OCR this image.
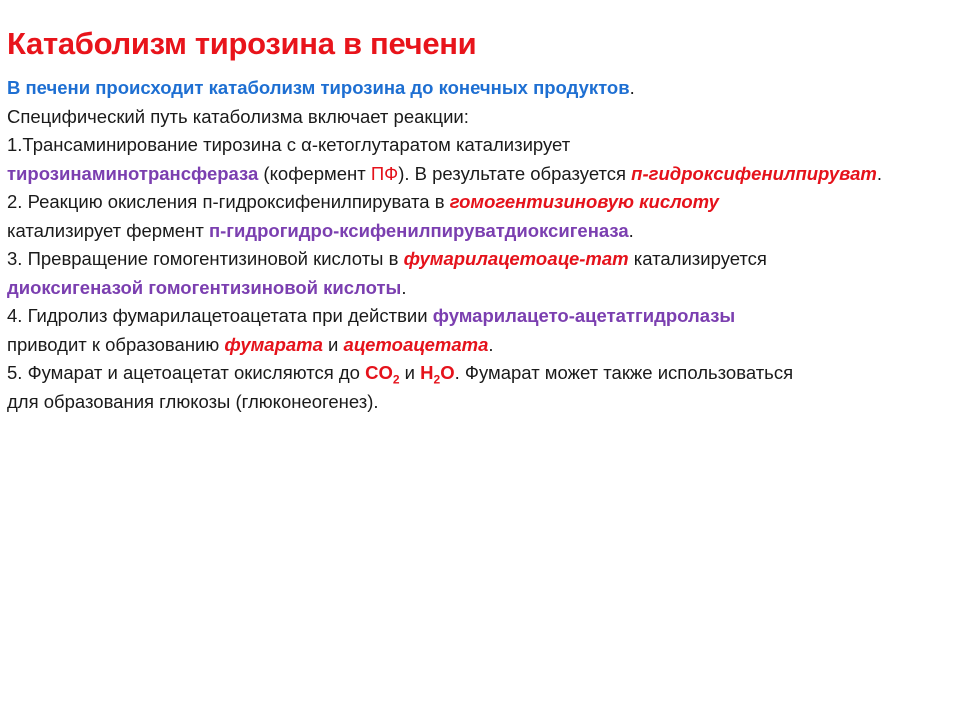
Катаболизм тирозина в печени

В печени происходит катаболизм тирозина до конечных продуктов.

Специфический путь катаболизма включает реакции:

1.Трансаминирование тирозина с α-кетоглутаратом катализирует
тирозинаминотрансфераза (кофермент ПФ). В результате образуется п-гидроксифенилпируват.

2. Реакцию окисления п-гидроксифенилпирувата в гомогентизиновую кислоту
катализирует фермент п-гидрогидро-ксифенилпируватдиоксигеназа.

3. Превращение гомогентизиновой кислоты в фумарилацетоаце-тат катализируется
диоксигеназой гомогентизиновой кислоты.

4. Гидролиз фумарилацетоацетата при действии фумарилацето-ацетатгидролазы
приводит к образованию фумарата и ацетоацетата.

5. Фумарат и ацетоацетат окисляются до $CO_2$ и $H_2O$. Фумарат может также использоваться
для образования глюкозы (глюконеогенез).
